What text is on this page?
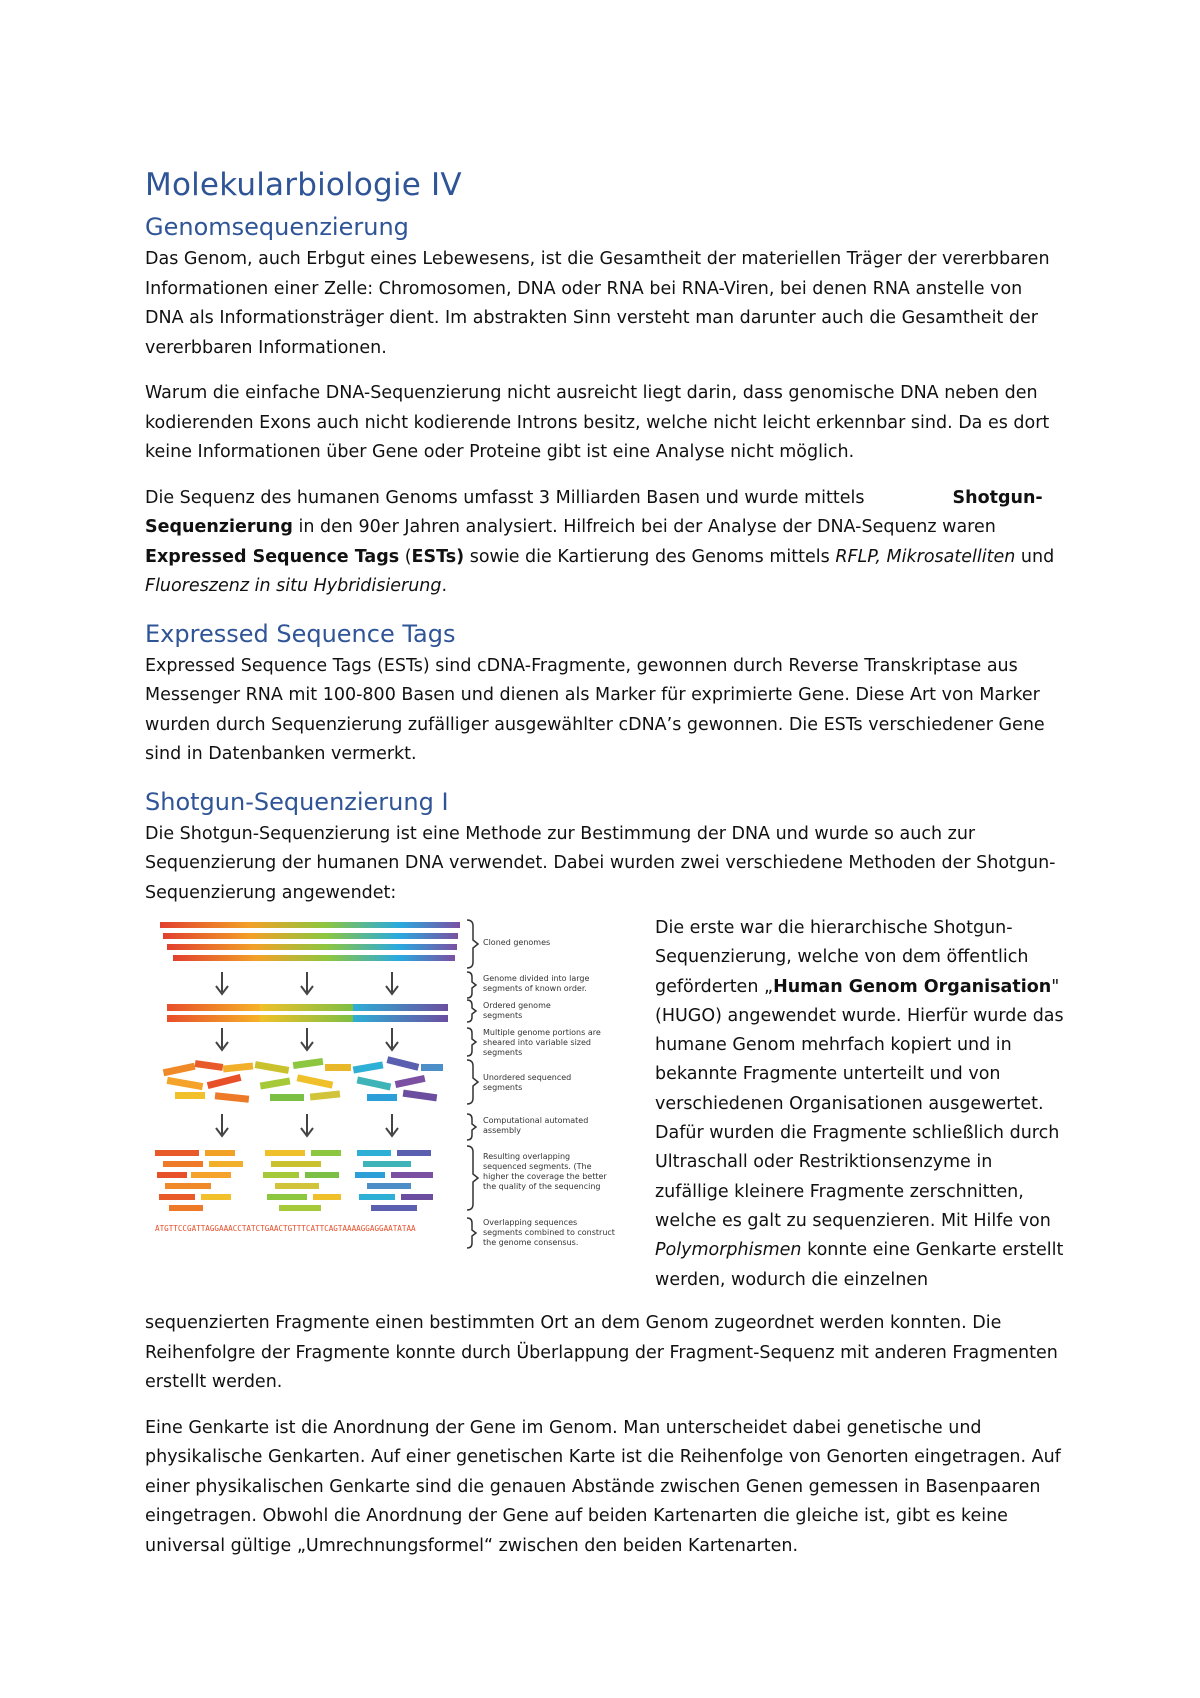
Molekularbiologie IV
Genomsequenzierung

Das Genom, auch Erbgut eines Lebewesens, ist die Gesamtheit der materiellen Träger der vererbbaren Informationen einer Zelle: Chromosomen, DNA oder RNA bei RNA-Viren, bei denen RNA anstelle von DNA als Informationsträger dient. Im abstrakten Sinn versteht man darunter auch die Gesamtheit der vererbbaren Informationen.

Warum die einfache DNA-Sequenzierung nicht ausreicht liegt darin, dass genomische DNA neben den kodierenden Exons auch nicht kodierende Introns besitz, welche nicht leicht erkennbar sind. Da es dort keine Informationen über Gene oder Proteine gibt ist eine Analyse nicht möglich.

Die Sequenz des humanen Genoms umfasst 3 Milliarden Basen und wurde mittels	Shotgun-Sequenzierung in den 90er Jahren analysiert. Hilfreich bei der Analyse der DNA-Sequenz waren Expressed Sequence Tags (ESTs) sowie die Kartierung des Genoms mittels RFLP, Mikrosatelliten und Fluoreszenz in situ Hybridisierung.

Expressed Sequence Tags

Expressed Sequence Tags (ESTs) sind cDNA-Fragmente, gewonnen durch Reverse Transkriptase aus Messenger RNA mit 100-800 Basen und dienen als Marker für exprimierte Gene. Diese Art von Marker wurden durch Sequenzierung zufälliger ausgewählter cDNA’s gewonnen. Die ESTs verschiedener Gene sind in Datenbanken vermerkt.

Shotgun-Sequenzierung I

Die Shotgun-Sequenzierung ist eine Methode zur Bestimmung der DNA und wurde so auch zur Sequenzierung der humanen DNA verwendet. Dabei wurden zwei verschiedene Methoden der Shotgun-Sequenzierung angewendet:

ATGTTCCGATTAGGAAACCTATCTGAACTGTTTCATTCAGTAAAAGGAGGAATATAA
Cloned genomes
Genome divided into large
segments of known order.
Ordered genome
segments
Multiple genome portions are
sheared into variable sized
segments
Unordered sequenced
segments
Computational automated
assembly
Resulting overlapping
sequenced segments. (The
higher the coverage the better
the quality of the sequencing
Overlapping sequences
segments combined to construct
the genome consensus.
Die erste war die hierarchische Shotgun-Sequenzierung, welche von dem öffentlich geförderten „Human Genom Organisation" (HUGO) angewendet wurde. Hierfür wurde das humane Genom mehrfach kopiert und in bekannte Fragmente unterteilt und von verschiedenen Organisationen ausgewertet. Dafür wurden die Fragmente schließlich durch Ultraschall oder Restriktionsenzyme in zufällige kleinere Fragmente zerschnitten, welche es galt zu sequenzieren. Mit Hilfe von Polymorphismen konnte eine Genkarte erstellt werden, wodurch die einzelnen

sequenzierten Fragmente einen bestimmten Ort an dem Genom zugeordnet werden konnten. Die Reihenfolgre der Fragmente konnte durch Überlappung der Fragment-Sequenz mit anderen Fragmenten erstellt werden.

Eine Genkarte ist die Anordnung der Gene im Genom. Man unterscheidet dabei genetische und physikalische Genkarten. Auf einer genetischen Karte ist die Reihenfolge von Genorten eingetragen. Auf einer physikalischen Genkarte sind die genauen Abstände zwischen Genen gemessen in Basenpaaren eingetragen. Obwohl die Anordnung der Gene auf beiden Kartenarten die gleiche ist, gibt es keine universal gültige „Umrechnungsformel“ zwischen den beiden Kartenarten.
